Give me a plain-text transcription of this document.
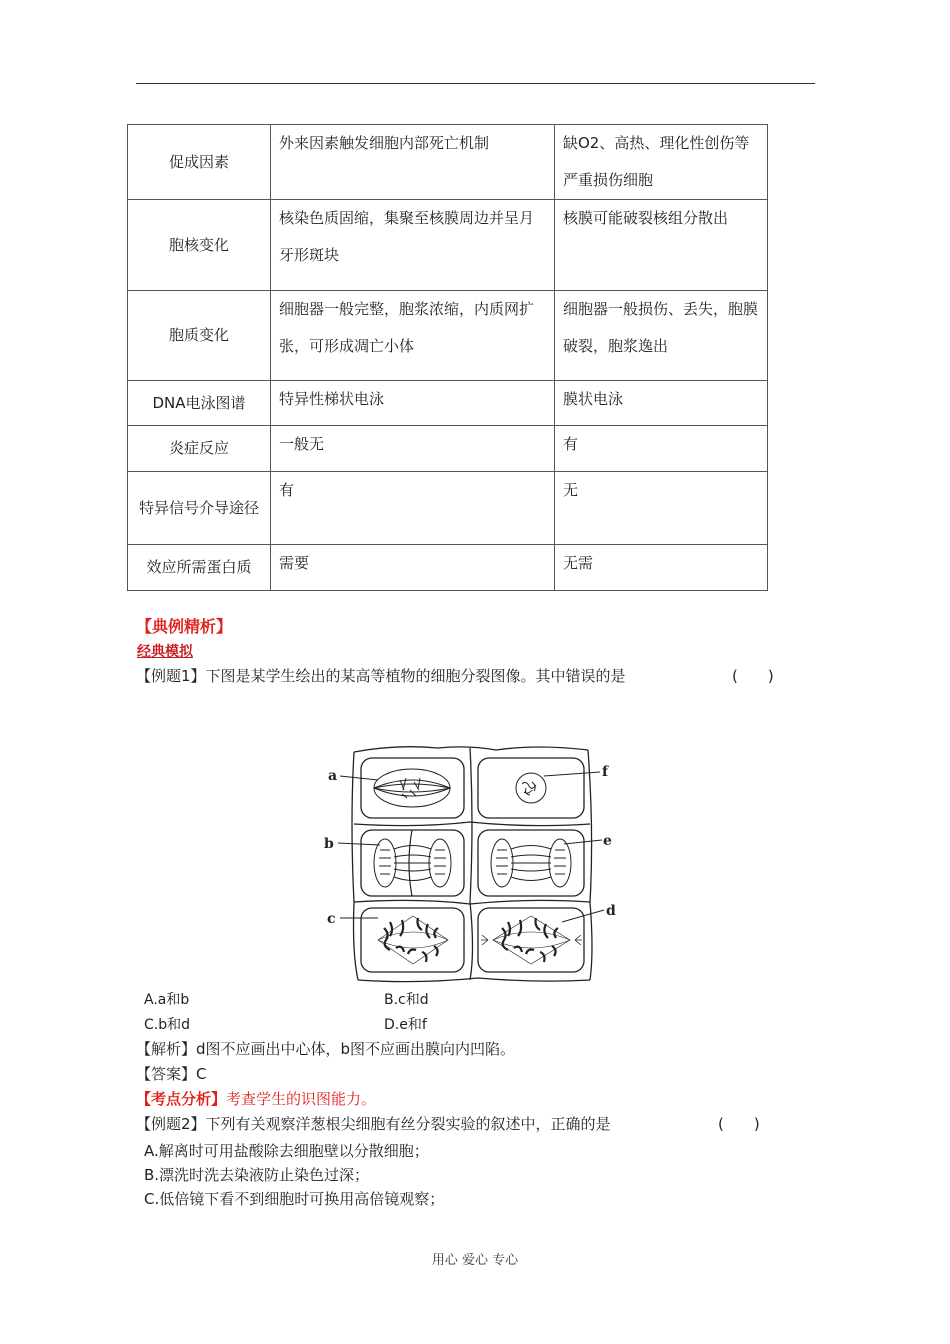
促成因素	外来因素触发细胞内部死亡机制	缺O2、高热、理化性创伤等严重损伤细胞
胞核变化	核染色质固缩，集聚至核膜周边并呈月牙形斑块	核膜可能破裂核组分散出
胞质变化	细胞器一般完整，胞浆浓缩，内质网扩张，可形成凋亡小体	细胞器一般损伤、丢失，胞膜破裂，胞浆逸出
DNA电泳图谱	特异性梯状电泳	膜状电泳
炎症反应	一般无	有
特异信号介导途径	有	无
效应所需蛋白质	需要	无需
【典例精析】
经典模拟
【例题1】下图是某学生绘出的某高等植物的细胞分裂图像。其中错误的是	(　　)
a	f
b	e
c	d
A.a和b	B.c和d
C.b和d	D.e和f
【解析】d图不应画出中心体，b图不应画出膜向内凹陷。
【答案】C
【考点分析】考查学生的识图能力。
【例题2】下列有关观察洋葱根尖细胞有丝分裂实验的叙述中，正确的是	(　　)
A.解离时可用盐酸除去细胞壁以分散细胞；
B.漂洗时洗去染液防止染色过深；
C.低倍镜下看不到细胞时可换用高倍镜观察；
用心 爱心 专心
